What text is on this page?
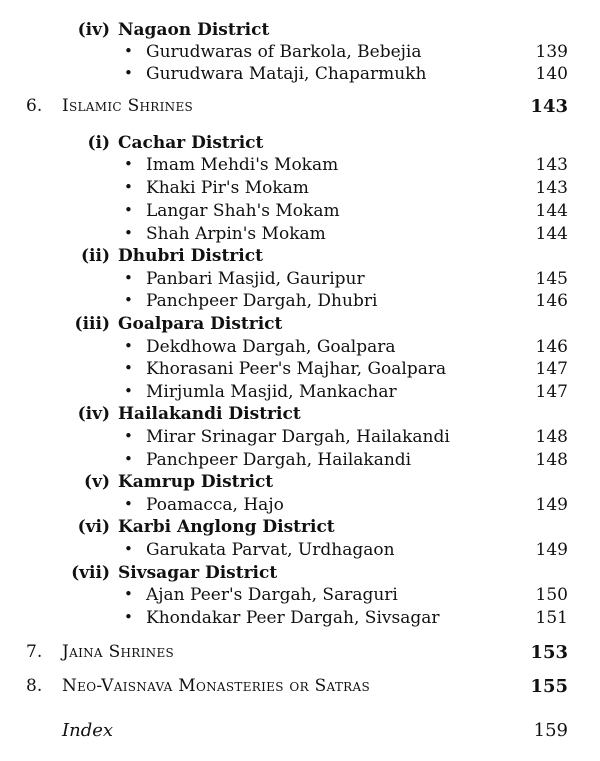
(iv) Nagaon District
• Gurudwaras of Barkola, Bebejia	139
• Gurudwara Mataji, Chaparmukh	140
6. Islamic Shrines	143
(i) Cachar District
• Imam Mehdi's Mokam	143
• Khaki Pir's Mokam	143
• Langar Shah's Mokam	144
• Shah Arpin's Mokam	144
(ii) Dhubri District
• Panbari Masjid, Gauripur	145
• Panchpeer Dargah, Dhubri	146
(iii) Goalpara District
• Dekdhowa Dargah, Goalpara	146
• Khorasani Peer's Majhar, Goalpara	147
• Mirjumla Masjid, Mankachar	147
(iv) Hailakandi District
• Mirar Srinagar Dargah, Hailakandi	148
• Panchpeer Dargah, Hailakandi	148
(v) Kamrup District
• Poamacca, Hajo	149
(vi) Karbi Anglong District
• Garukata Parvat, Urdhagaon	149
(vii) Sivsagar District
• Ajan Peer's Dargah, Saraguri	150
• Khondakar Peer Dargah, Sivsagar	151
7. Jaina Shrines	153
8. Neo-Vaisnava Monasteries or Satras	155
Index	159
